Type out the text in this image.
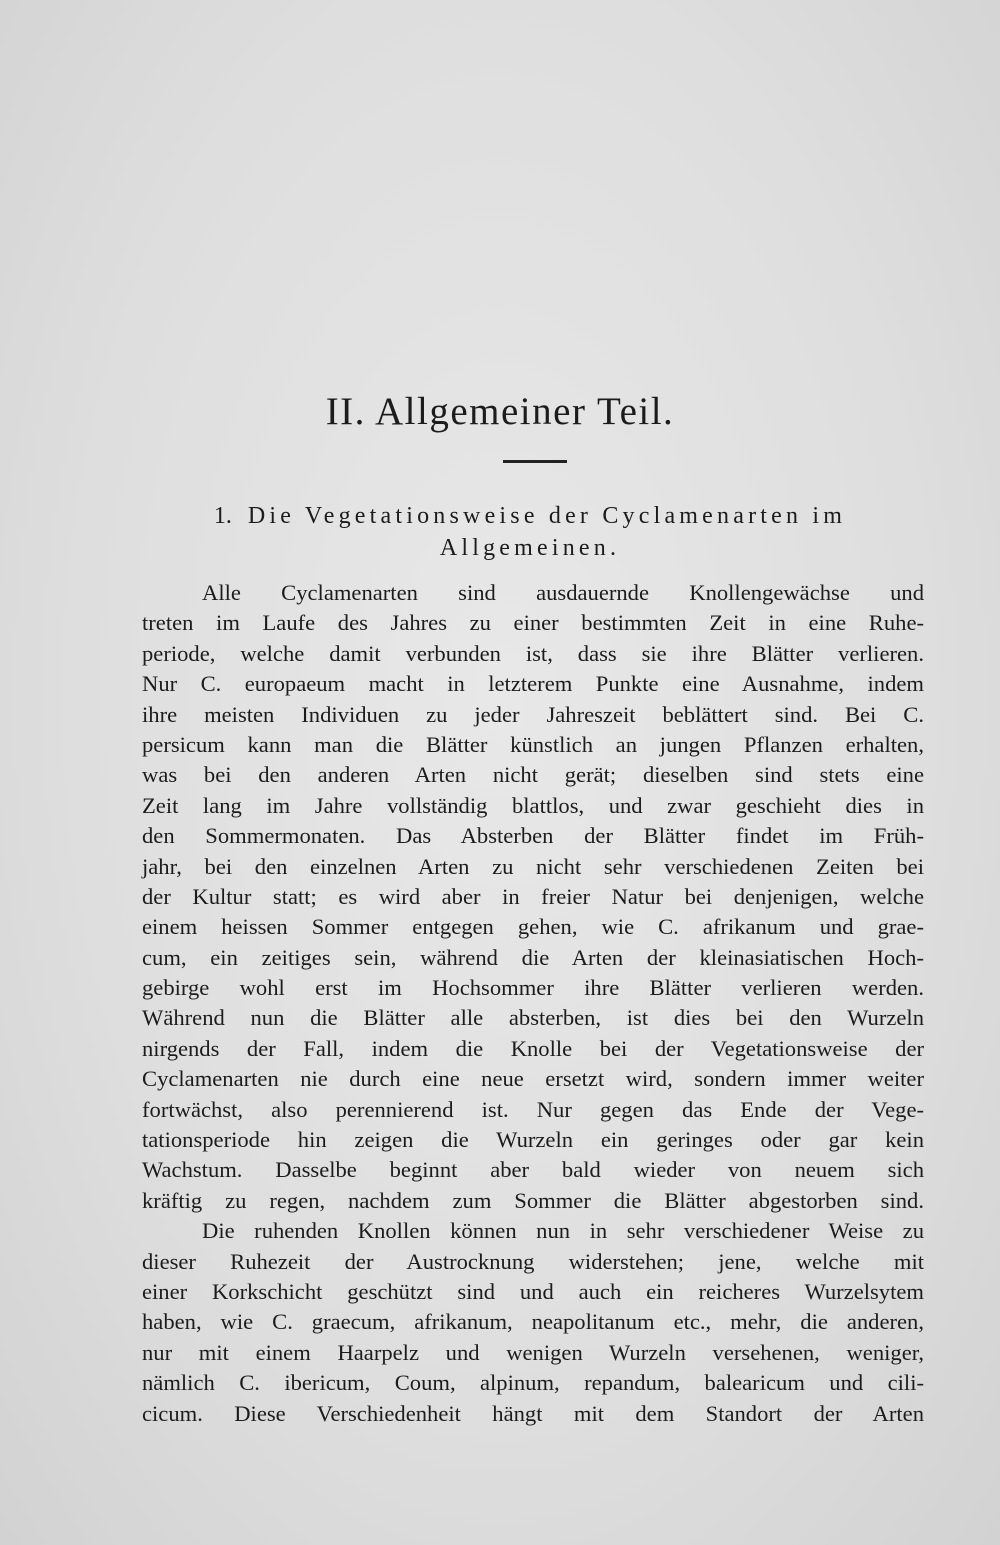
II. Allgemeiner Teil.
1. Die Vegetationsweise der Cyclamenarten im
Allgemeinen.
Alle Cyclamenarten sind ausdauernde Knollengewächse und
treten im Laufe des Jahres zu einer bestimmten Zeit in eine Ruhe-
periode, welche damit verbunden ist, dass sie ihre Blätter verlieren.
Nur C. europaeum macht in letzterem Punkte eine Ausnahme, indem
ihre meisten Individuen zu jeder Jahreszeit beblättert sind. Bei C.
persicum kann man die Blätter künstlich an jungen Pflanzen erhalten,
was bei den anderen Arten nicht gerät; dieselben sind stets eine
Zeit lang im Jahre vollständig blattlos, und zwar geschieht dies in
den Sommermonaten. Das Absterben der Blätter findet im Früh-
jahr, bei den einzelnen Arten zu nicht sehr verschiedenen Zeiten bei
der Kultur statt; es wird aber in freier Natur bei denjenigen, welche
einem heissen Sommer entgegen gehen, wie C. afrikanum und grae-
cum, ein zeitiges sein, während die Arten der kleinasiatischen Hoch-
gebirge wohl erst im Hochsommer ihre Blätter verlieren werden.
Während nun die Blätter alle absterben, ist dies bei den Wurzeln
nirgends der Fall, indem die Knolle bei der Vegetationsweise der
Cyclamenarten nie durch eine neue ersetzt wird, sondern immer weiter
fortwächst, also perennierend ist. Nur gegen das Ende der Vege-
tationsperiode hin zeigen die Wurzeln ein geringes oder gar kein
Wachstum. Dasselbe beginnt aber bald wieder von neuem sich
kräftig zu regen, nachdem zum Sommer die Blätter abgestorben sind.
Die ruhenden Knollen können nun in sehr verschiedener Weise zu
dieser Ruhezeit der Austrocknung widerstehen; jene, welche mit
einer Korkschicht geschützt sind und auch ein reicheres Wurzelsytem
haben, wie C. graecum, afrikanum, neapolitanum etc., mehr, die anderen,
nur mit einem Haarpelz und wenigen Wurzeln versehenen, weniger,
nämlich C. ibericum, Coum, alpinum, repandum, balearicum und cili-
cicum. Diese Verschiedenheit hängt mit dem Standort der Arten
